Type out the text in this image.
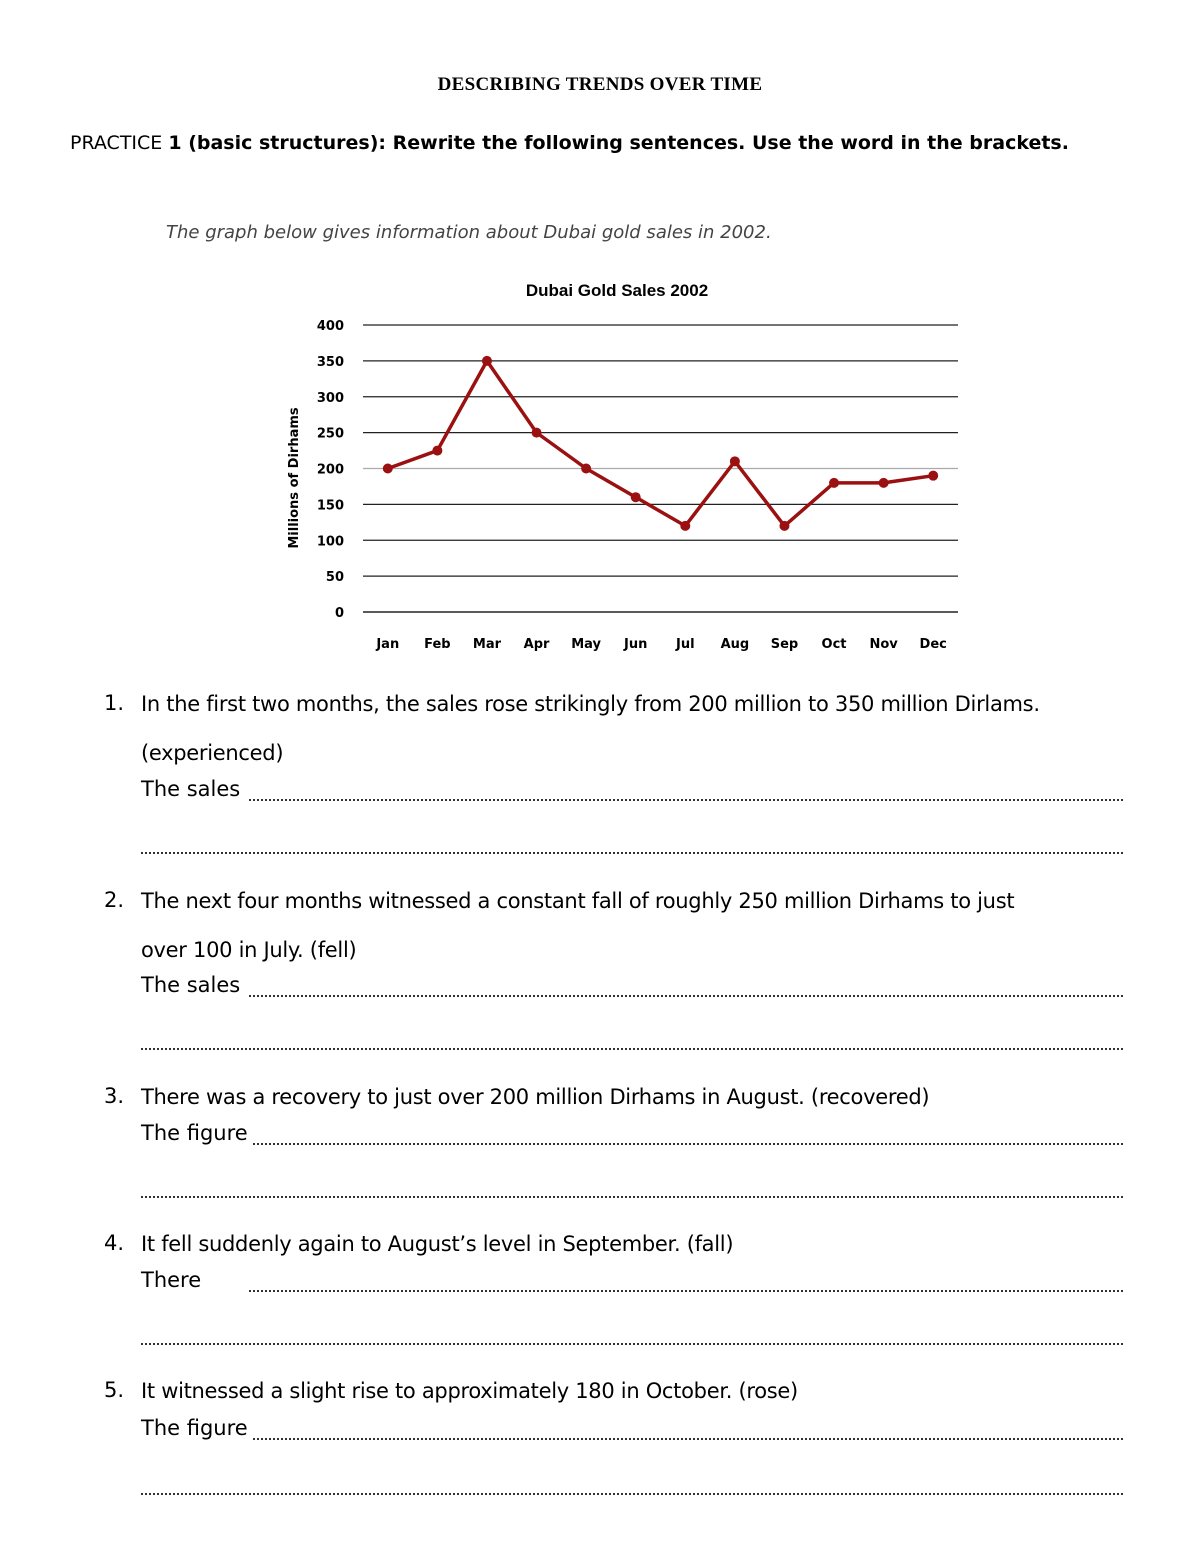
DESCRIBING TRENDS OVER TIME
PRACTICE 1 (basic structures): Rewrite the following sentences. Use the word in the brackets.
The graph below gives information about Dubai gold sales in 2002.
Dubai Gold Sales 2002
Millions of Dirhams
0
50
100
150
200
250
300
350
400
Jan Feb Mar Apr May Jun Jul Aug Sep Oct Nov Dec
1. In the first two months, the sales rose strikingly from 200 million to 350 million Dirlams.
(experienced)
The sales
2. The next four months witnessed a constant fall of roughly 250 million Dirhams to just
over 100 in July. (fell)
The sales
3. There was a recovery to just over 200 million Dirhams in August. (recovered)
The figure
4. It fell suddenly again to August’s level in September. (fall)
There
5. It witnessed a slight rise to approximately 180 in October. (rose)
The figure
